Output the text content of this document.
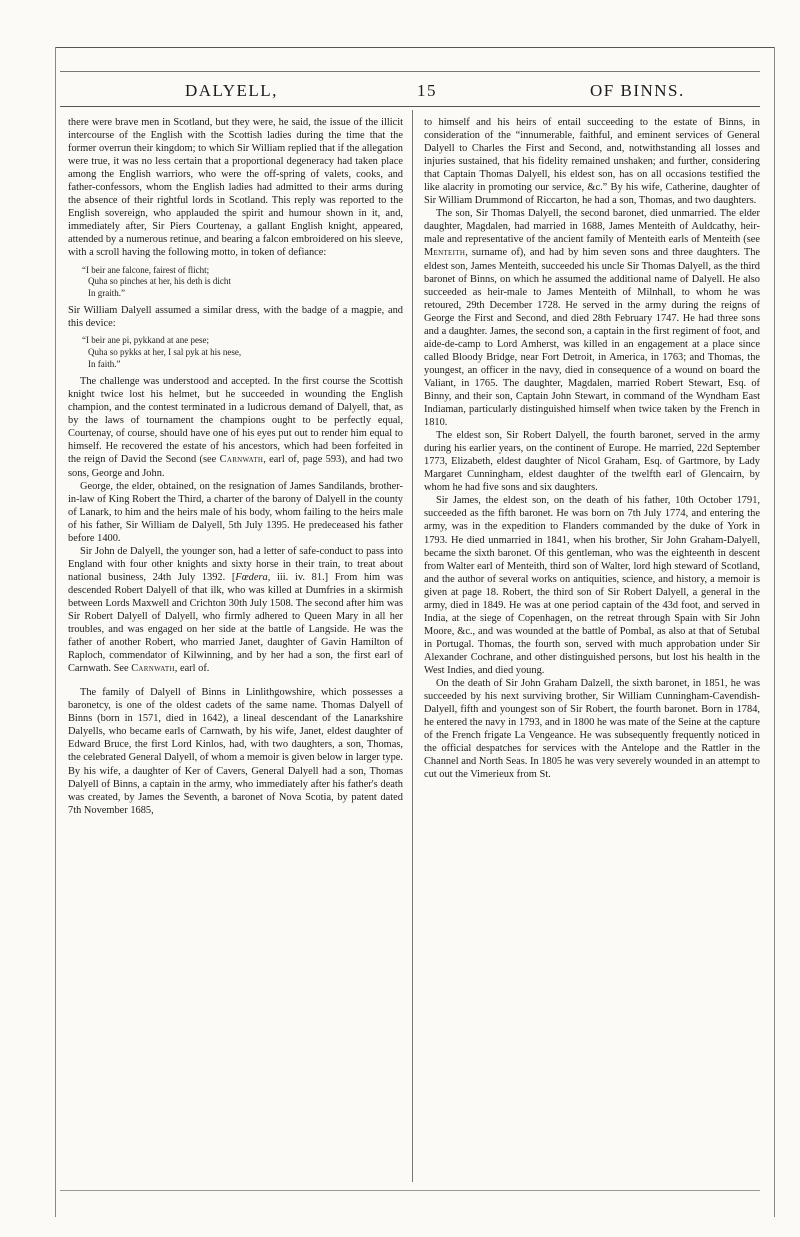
DALYELL,	15	OF BINNS.

there were brave men in Scotland, but they were, he said, the issue of the illicit intercourse of the English with the Scottish ladies during the time that the former overrun their kingdom; to which Sir William replied that if the allegation were true, it was no less certain that a proportional degeneracy had taken place among the English warriors, who were the off-spring of valets, cooks, and father-confessors, whom the English ladies had admitted to their arms during the absence of their rightful lords in Scotland. This reply was reported to the English sovereign, who applauded the spirit and humour shown in it, and, immediately after, Sir Piers Courtenay, a gallant English knight, appeared, attended by a numerous retinue, and bearing a falcon embroidered on his sleeve, with a scroll having the following motto, in token of defiance:

“I beir ane falcone, fairest of flicht;
Quha so pinches at her, his deth is dicht
In graith.”

Sir William Dalyell assumed a similar dress, with the badge of a magpie, and this device:

“I beir ane pi, pykkand at ane pese;
Quha so pykks at her, I sal pyk at his nese,
In faith.”

The challenge was understood and accepted. In the first course the Scottish knight twice lost his helmet, but he succeeded in wounding the English champion, and the contest terminated in a ludicrous demand of Dalyell, that, as by the laws of tournament the champions ought to be perfectly equal, Courtenay, of course, should have one of his eyes put out to render him equal to himself. He recovered the estate of his ancestors, which had been forfeited in the reign of David the Second (see Carnwath, earl of, page 593), and had two sons, George and John.

George, the elder, obtained, on the resignation of James Sandilands, brother-in-law of King Robert the Third, a charter of the barony of Dalyell in the county of Lanark, to him and the heirs male of his body, whom failing to the heirs male of his father, Sir William de Dalyell, 5th July 1395. He predeceased his father before 1400.

Sir John de Dalyell, the younger son, had a letter of safe-conduct to pass into England with four other knights and sixty horse in their train, to treat about national business, 24th July 1392. [Fœdera, iii. iv. 81.] From him was descended Robert Dalyell of that ilk, who was killed at Dumfries in a skirmish between Lords Maxwell and Crichton 30th July 1508. The second after him was Sir Robert Dalyell of Dalyell, who firmly adhered to Queen Mary in all her troubles, and was engaged on her side at the battle of Langside. He was the father of another Robert, who married Janet, daughter of Gavin Hamilton of Raploch, commendator of Kilwinning, and by her had a son, the first earl of Carnwath. See Carnwath, earl of.

The family of Dalyell of Binns in Linlithgowshire, which possesses a baronetcy, is one of the oldest cadets of the same name. Thomas Dalyell of Binns (born in 1571, died in 1642), a lineal descendant of the Lanarkshire Dalyells, who became earls of Carnwath, by his wife, Janet, eldest daughter of Edward Bruce, the first Lord Kinlos, had, with two daughters, a son, Thomas, the celebrated General Dalyell, of whom a memoir is given below in larger type. By his wife, a daughter of Ker of Cavers, General Dalyell had a son, Thomas Dalyell of Binns, a captain in the army, who immediately after his father's death was created, by James the Seventh, a baronet of Nova Scotia, by patent dated 7th November 1685,

to himself and his heirs of entail succeeding to the estate of Binns, in consideration of the “innumerable, faithful, and eminent services of General Dalyell to Charles the First and Second, and, notwithstanding all losses and injuries sustained, that his fidelity remained unshaken; and further, considering that Captain Thomas Dalyell, his eldest son, has on all occasions testified the like alacrity in promoting our service, &c.” By his wife, Catherine, daughter of Sir William Drummond of Riccarton, he had a son, Thomas, and two daughters.

The son, Sir Thomas Dalyell, the second baronet, died unmarried. The elder daughter, Magdalen, had married in 1688, James Menteith of Auldcathy, heir-male and representative of the ancient family of Menteith earls of Menteith (see Menteith, surname of), and had by him seven sons and three daughters. The eldest son, James Menteith, succeeded his uncle Sir Thomas Dalyell, as the third baronet of Binns, on which he assumed the additional name of Dalyell. He also succeeded as heir-male to James Menteith of Milnhall, to whom he was retoured, 29th December 1728. He served in the army during the reigns of George the First and Second, and died 28th February 1747. He had three sons and a daughter. James, the second son, a captain in the first regiment of foot, and aide-de-camp to Lord Amherst, was killed in an engagement at a place since called Bloody Bridge, near Fort Detroit, in America, in 1763; and Thomas, the youngest, an officer in the navy, died in consequence of a wound on board the Valiant, in 1765. The daughter, Magdalen, married Robert Stewart, Esq. of Binny, and their son, Captain John Stewart, in command of the Wyndham East Indiaman, particularly distinguished himself when twice taken by the French in 1810.

The eldest son, Sir Robert Dalyell, the fourth baronet, served in the army during his earlier years, on the continent of Europe. He married, 22d September 1773, Elizabeth, eldest daughter of Nicol Graham, Esq. of Gartmore, by Lady Margaret Cunningham, eldest daughter of the twelfth earl of Glencairn, by whom he had five sons and six daughters.

Sir James, the eldest son, on the death of his father, 10th October 1791, succeeded as the fifth baronet. He was born on 7th July 1774, and entering the army, was in the expedition to Flanders commanded by the duke of York in 1793. He died unmarried in 1841, when his brother, Sir John Graham-Dalyell, became the sixth baronet. Of this gentleman, who was the eighteenth in descent from Walter earl of Menteith, third son of Walter, lord high steward of Scotland, and the author of several works on antiquities, science, and history, a memoir is given at page 18. Robert, the third son of Sir Robert Dalyell, a general in the army, died in 1849. He was at one period captain of the 43d foot, and served in India, at the siege of Copenhagen, on the retreat through Spain with Sir John Moore, &c., and was wounded at the battle of Pombal, as also at that of Setubal in Portugal. Thomas, the fourth son, served with much approbation under Sir Alexander Cochrane, and other distinguished persons, but lost his health in the West Indies, and died young.

On the death of Sir John Graham Dalzell, the sixth baronet, in 1851, he was succeeded by his next surviving brother, Sir William Cunningham-Cavendish-Dalyell, fifth and youngest son of Sir Robert, the fourth baronet. Born in 1784, he entered the navy in 1793, and in 1800 he was mate of the Seine at the capture of the French frigate La Vengeance. He was subsequently frequently noticed in the official despatches for services with the Antelope and the Rattler in the Channel and North Seas. In 1805 he was very severely wounded in an attempt to cut out the Vimerieux from St.
